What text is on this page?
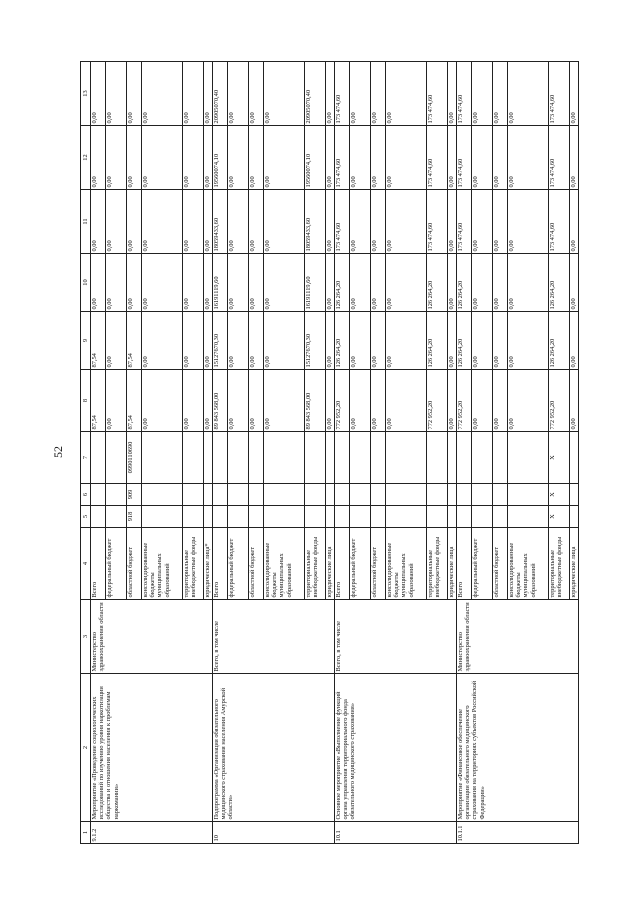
52
1	2	3	4	5	6	7	8	9	10	11	12	13
9.1.2	Мероприятие «Проведение социологических исследований по изучению уровня наркотизации общества и отношения населения к проблемам наркомании»	Министерство здравоохранения области	Всего				87,54	87,54	0,00	0,00	0,00	0,00
			федеральный бюджет				0,00	0,00	0,00	0,00	0,00	0,00
			областной бюджет	918	909	0990110690	87,54	87,54	0,00	0,00	0,00	0,00
			консолидированные бюджеты муниципальных образований				0,00	0,00	0,00	0,00	0,00	0,00
			территориальные внебюджетные фонды				0,00	0,00	0,00	0,00	0,00	0,00
			юридические лица*				0,00	0,00	0,00	0,00	0,00	0,00
10	Подпрограмма «Организация обязательного медицинского страхования населения Амурской области»	Всего, в том числе	Всего				89 843 568,00	15127670,30	16191119,60	18059433,60	19560074,10	20905070,40
			федеральный бюджет				0,00	0,00	0,00	0,00	0,00	0,00
			областной бюджет				0,00	0,00	0,00	0,00	0,00	0,00
			консолидированные бюджеты муниципальных образований				0,00	0,00	0,00	0,00	0,00	0,00
			территориальные внебюджетные фонды				89 843 568,00	15127670,30	16191119,60	18059433,60	19560074,10	20905070,40
			юридические лица				0,00	0,00	0,00	0,00	0,00	0,00
10.1	Основное мероприятие «Выполнение функций органа управления территориального фонда обязательного медицинского страхования»	Всего, в том числе	Всего				772 952,20	126 264,20	126 264,20	173 474,60	173 474,60	173 474,60
			федеральный бюджет				0,00	0,00	0,00	0,00	0,00	0,00
			областной бюджет				0,00	0,00	0,00	0,00	0,00	0,00
			консолидированные бюджеты муниципальных образований				0,00	0,00	0,00	0,00	0,00	0,00
			территориальные внебюджетные фонды				772 952,20	126 264,20	126 264,20	173 474,60	173 474,60	173 474,60
			юридические лица				0,00	0,00	0,00	0,00	0,00	0,00
10.1.1	Мероприятие «Финансовое обеспечение организации обязательного медицинского страхования на территориях субъектов Российской Федерации»	Министерство здравоохранения области	Всего				772 952,20	126 264,20	126 264,20	173 474,60	173 474,60	173 474,60
			федеральный бюджет				0,00	0,00	0,00	0,00	0,00	0,00
			областной бюджет				0,00	0,00	0,00	0,00	0,00	0,00
			консолидированные бюджеты муниципальных образований				0,00	0,00	0,00	0,00	0,00	0,00
			территориальные внебюджетные фонды	X	X	X	772 952,20	126 264,20	126 264,20	173 474,60	173 474,60	173 474,60
			юридические лица				0,00	0,00	0,00	0,00	0,00	0,00
